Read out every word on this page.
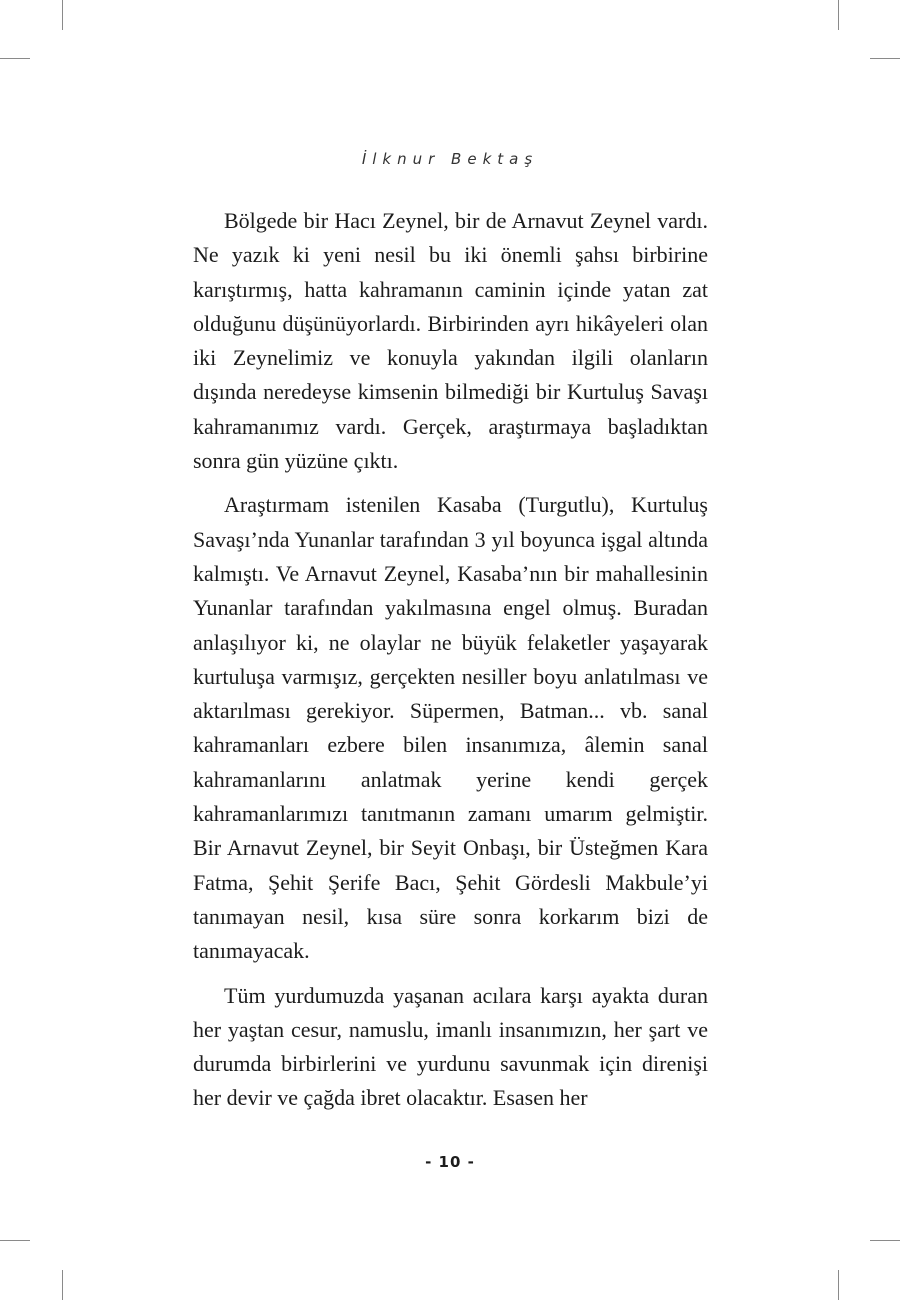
İlknur Bektaş

Bölgede bir Hacı Zeynel, bir de Arnavut Zeynel vardı. Ne yazık ki yeni nesil bu iki önemli şahsı birbirine karıştırmış, hatta kahramanın caminin içinde yatan zat olduğunu düşünüyorlardı. Birbirinden ayrı hikâyeleri olan iki Zeynelimiz ve konuyla yakından ilgili olanların dışında neredeyse kimsenin bilmediği bir Kurtuluş Savaşı kahramanımız vardı. Gerçek, araştırmaya başladıktan sonra gün yüzüne çıktı.

Araştırmam istenilen Kasaba (Turgutlu), Kurtuluş Savaşı’nda Yunanlar tarafından 3 yıl boyunca işgal altında kalmıştı. Ve Arnavut Zeynel, Kasaba’nın bir mahallesinin Yunanlar tarafından yakılmasına engel olmuş. Buradan anlaşılıyor ki, ne olaylar ne büyük felaketler yaşayarak kurtuluşa varmışız, gerçekten nesiller boyu anlatılması ve aktarılması gerekiyor. Süpermen, Batman... vb. sanal kahramanları ezbere bilen insanımıza, âlemin sanal kahramanlarını anlatmak yerine kendi gerçek kahramanlarımızı tanıtmanın zamanı umarım gelmiştir. Bir Arnavut Zeynel, bir Seyit Onbaşı, bir Üsteğmen Kara Fatma, Şehit Şerife Bacı, Şehit Gördesli Makbule’yi tanımayan nesil, kısa süre sonra korkarım bizi de tanımayacak.

Tüm yurdumuzda yaşanan acılara karşı ayakta duran her yaştan cesur, namuslu, imanlı insanımızın, her şart ve durumda birbirlerini ve yurdunu savunmak için direnişi her devir ve çağda ibret olacaktır. Esasen her

- 10 -
